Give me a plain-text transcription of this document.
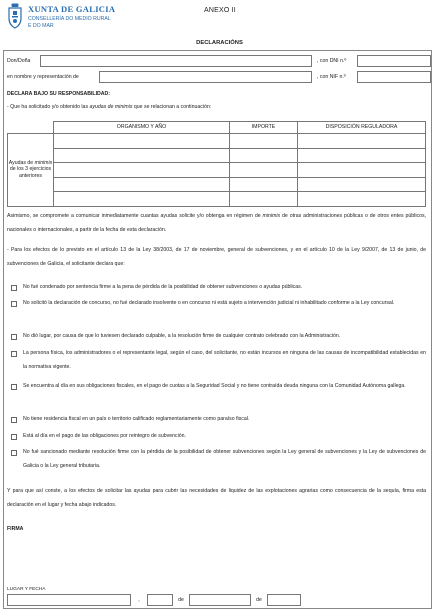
XUNTA DE GALICIA
CONSELLERÍA DO MEDIO RURAL
E DO MAR
ANEXO II
DECLARACIÓNS
Don/Doña	, con DNI n.º
en nombre y representación de	, con NIF n.º
DECLARA BAJO SU RESPONSABILIDAD:
- Que ha solicitado y/o obtenido las ayudas de minimis que se relacionan a continuación:
	ORGANISMO Y AÑO	IMPORTE	DISPOSICIÓN REGULADORA
Ayudas de minimis de los 3 ejercicios anteriores			

Asimismo, se compromete a comunicar inmediatamente cuantas ayudas solicite y/o obtenga en régimen de minimis de otras administraciones públicas o de otros entes públicos, nacionales o internacionales, a partir de la fecha de esta declaración.
- Para los efectos de lo previsto en el artículo 13 de la Ley 38/2003, de 17 de noviembre, general de subvenciones, y en el artículo 10 de la Ley 9/2007, de 13 de junio, de subvenciones de Galicia, el solicitante declara que:
No fué condenado por sentencia firme a la pena de pérdida de la posibilidad de obtener subvenciones o ayudas públicas.
No solicitó la declaración de concurso, no fué declarado insolvente o en concurso ni está sujeto a intervención judicial ni inhabilitado conforme a la Ley concursal.
No dió lugar, por causa de que lo tuviesen declarado culpable, a la resolución firme de cualquier contrato celebrado con la Administración.
La persona física, los administradores o el representante legal, según el caso, del solicitante, no están incursos en ninguna de las causas de incompatibilidad establecidas en la normativa vigente.
Se encuentra al día en sus obligaciones fiscales, en el pago de cuotas a la Seguridad Social y no tiene contraída deuda ninguna con la Comunidad Autónoma gallega.
No tiene residencia fiscal en un país o territorio calificado reglamentariamente como paraíso fiscal.
Está al día en el pago de las obligaciones por reintegro de subvención.
No fué sancionado mediante resolución firme con la pérdida de la posibilidad de obtener subvenciones según la Ley general de subvenciones y la Ley de subvenciones de Galicia o la Ley general tributaria.
Y para que así conste, a los efectos de solicitar las ayudas para cubrir las necesidades de liquidez de las explotaciones agrarias como consecuencia de la sequía, firma esta declaración en el lugar y fecha abajo indicados.
FIRMA
LUGAR Y FECHA
,	de	de
